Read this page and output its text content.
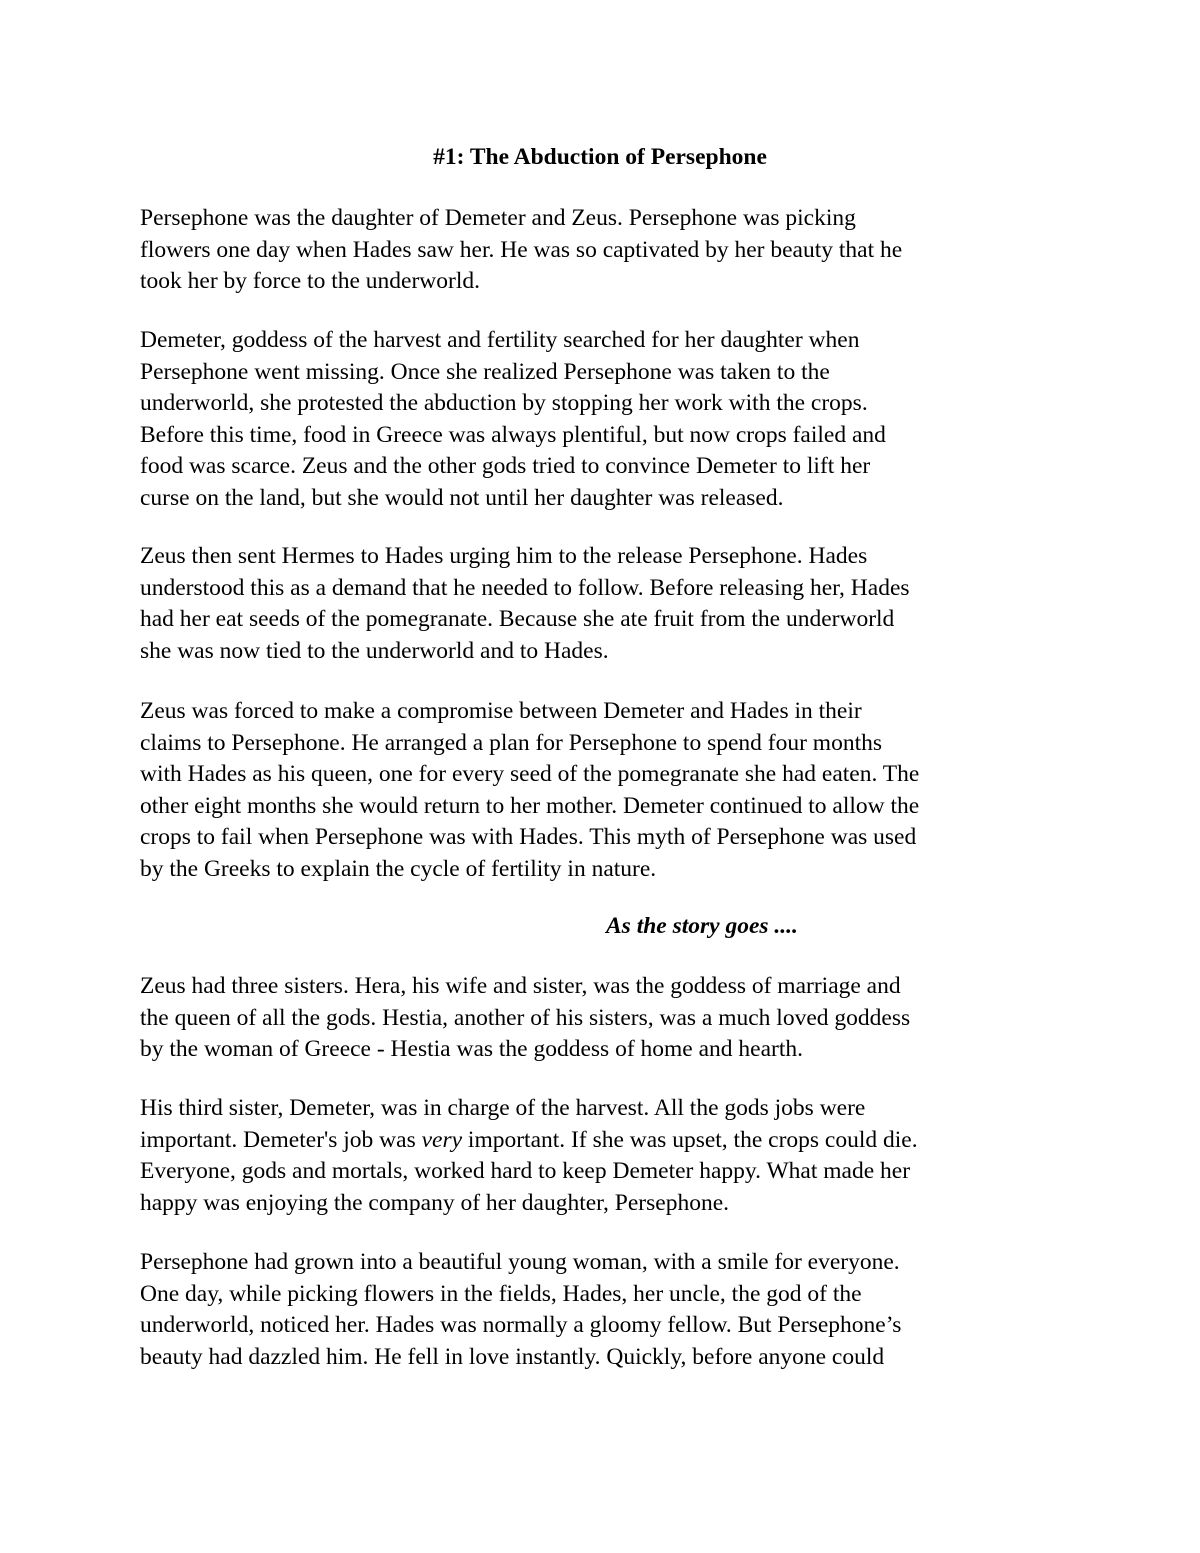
#1: The Abduction of Persephone

Persephone was the daughter of Demeter and Zeus. Persephone was picking
flowers one day when Hades saw her. He was so captivated by her beauty that he
took her by force to the underworld.
Demeter, goddess of the harvest and fertility searched for her daughter when
Persephone went missing. Once she realized Persephone was taken to the
underworld, she protested the abduction by stopping her work with the crops.
Before this time, food in Greece was always plentiful, but now crops failed and
food was scarce. Zeus and the other gods tried to convince Demeter to lift her
curse on the land, but she would not until her daughter was released.
Zeus then sent Hermes to Hades urging him to the release Persephone. Hades
understood this as a demand that he needed to follow. Before releasing her, Hades
had her eat seeds of the pomegranate. Because she ate fruit from the underworld
she was now tied to the underworld and to Hades.
Zeus was forced to make a compromise between Demeter and Hades in their
claims to Persephone. He arranged a plan for Persephone to spend four months
with Hades as his queen, one for every seed of the pomegranate she had eaten. The
other eight months she would return to her mother. Demeter continued to allow the
crops to fail when Persephone was with Hades. This myth of Persephone was used
by the Greeks to explain the cycle of fertility in nature.

As the story goes ....

Zeus had three sisters. Hera, his wife and sister, was the goddess of marriage and
the queen of all the gods. Hestia, another of his sisters, was a much loved goddess
by the woman of Greece - Hestia was the goddess of home and hearth.
His third sister, Demeter, was in charge of the harvest. All the gods jobs were
important. Demeter's job was very important. If she was upset, the crops could die.
Everyone, gods and mortals, worked hard to keep Demeter happy. What made her
happy was enjoying the company of her daughter, Persephone.
Persephone had grown into a beautiful young woman, with a smile for everyone.
One day, while picking flowers in the fields, Hades, her uncle, the god of the
underworld, noticed her. Hades was normally a gloomy fellow. But Persephone’s
beauty had dazzled him. He fell in love instantly. Quickly, before anyone could
